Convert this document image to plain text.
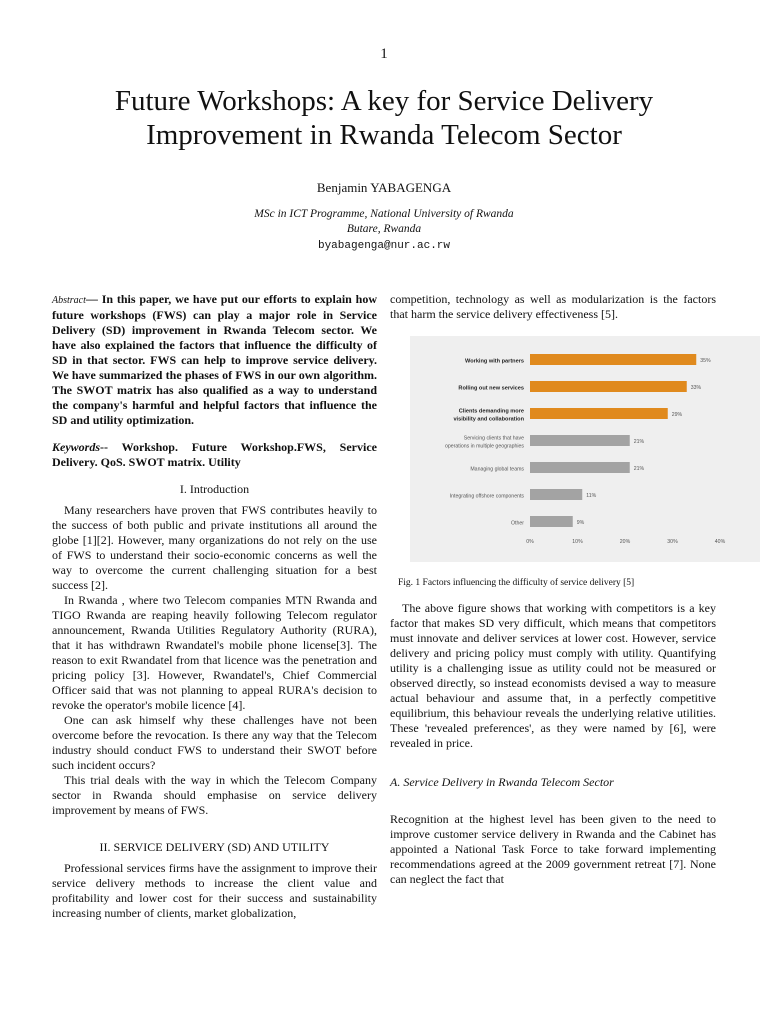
1
Future Workshops: A key for Service Delivery
Improvement in Rwanda Telecom Sector
Benjamin YABAGENGA
MSc in ICT Programme, National University of Rwanda
Butare, Rwanda
byabagenga@nur.ac.rw

Abstract— In this paper, we have put our efforts to explain how future workshops (FWS) can play a major role in Service Delivery (SD) improvement in Rwanda Telecom sector. We have also explained the factors that influence the difficulty of SD in that sector. FWS can help to improve service delivery. We have summarized the phases of FWS in our own algorithm. The SWOT matrix has also qualified as a way to understand the company's harmful and helpful factors that influence the SD and utility optimization.

Keywords-- Workshop. Future Workshop.FWS, Service Delivery. QoS. SWOT matrix. Utility

I. Introduction

Many researchers have proven that FWS contributes heavily to the success of both public and private institutions all around the globe [1][2]. However, many organizations do not rely on the use of FWS to understand their socio-economic concerns as well the way to overcome the current challenging situation for a best success [2].

In Rwanda , where two Telecom companies MTN Rwanda and TIGO Rwanda are reaping heavily following Telecom regulator announcement, Rwanda Utilities Regulatory Authority (RURA), that it has withdrawn Rwandatel's mobile phone license[3]. The reason to exit Rwandatel from that licence was the penetration and pricing policy [3]. However, Rwandatel's, Chief Commercial Officer said that was not planning to appeal RURA's decision to revoke the operator's mobile licence [4].

One can ask himself why these challenges have not been overcome before the revocation. Is there any way that the Telecom industry should conduct FWS to understand their SWOT before such incident occurs?

This trial deals with the way in which the Telecom Company sector in Rwanda should emphasise on service delivery improvement by means of FWS.

II. SERVICE DELIVERY (SD) AND UTILITY

Professional services firms have the assignment to improve their service delivery methods to increase the client value and profitability and lower cost for their success and sustainability increasing number of clients, market globalization,

competition, technology as well as modularization is the factors that harm the service delivery effectiveness [5].

Working with partners	35%
Rolling out new services	33%
Clients demanding more
visibility and collaboration
29%
Servicing clients that have
operations in multiple geographies
21%
Managing global teams	21%
Integrating offshore components	11%
Other	9%
0%	10%	20%	30%	40%

Fig. 1 Factors influencing the difficulty of service delivery [5]

The above figure shows that working with competitors is a key factor that makes SD very difficult, which means that competitors must innovate and deliver services at lower cost. However, service delivery and pricing policy must comply with utility. Quantifying utility is a challenging issue as utility could not be measured or observed directly, so instead economists devised a way to measure actual behaviour and assume that, in a perfectly competitive equilibrium, this behaviour reveals the underlying relative utilities. These 'revealed preferences', as they were named by [6], were revealed in price.

A. Service Delivery in Rwanda Telecom Sector

Recognition at the highest level has been given to the need to improve customer service delivery in Rwanda and the Cabinet has appointed a National Task Force to take forward implementing recommendations agreed at the 2009 government retreat [7]. None can neglect the fact that
